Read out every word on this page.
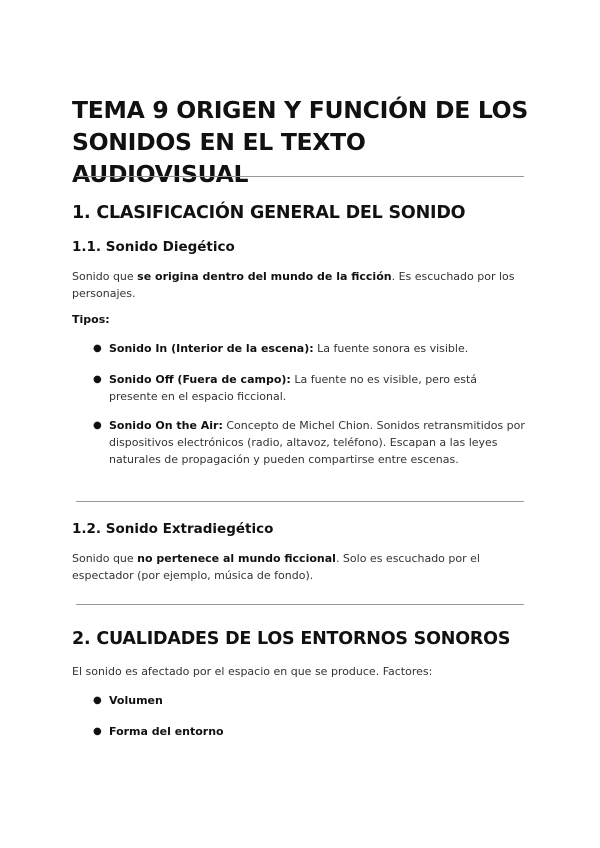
TEMA 9 ORIGEN Y FUNCIÓN DE LOS
SONIDOS EN EL TEXTO AUDIOVISUAL
1. CLASIFICACIÓN GENERAL DEL SONIDO
1.1. Sonido Diegético

Sonido que se origina dentro del mundo de la ficción. Es escuchado por los personajes.

Tipos:

● Sonido In (Interior de la escena): La fuente sonora es visible.
● Sonido Off (Fuera de campo): La fuente no es visible, pero está presente en el espacio ficcional.
● Sonido On the Air: Concepto de Michel Chion. Sonidos retransmitidos por dispositivos electrónicos (radio, altavoz, teléfono). Escapan a las leyes naturales de propagación y pueden compartirse entre escenas.
1.2. Sonido Extradiegético

Sonido que no pertenece al mundo ficcional. Solo es escuchado por el espectador (por ejemplo, música de fondo).

2. CUALIDADES DE LOS ENTORNOS SONOROS

El sonido es afectado por el espacio en que se produce. Factores:

● Volumen
● Forma del entorno
